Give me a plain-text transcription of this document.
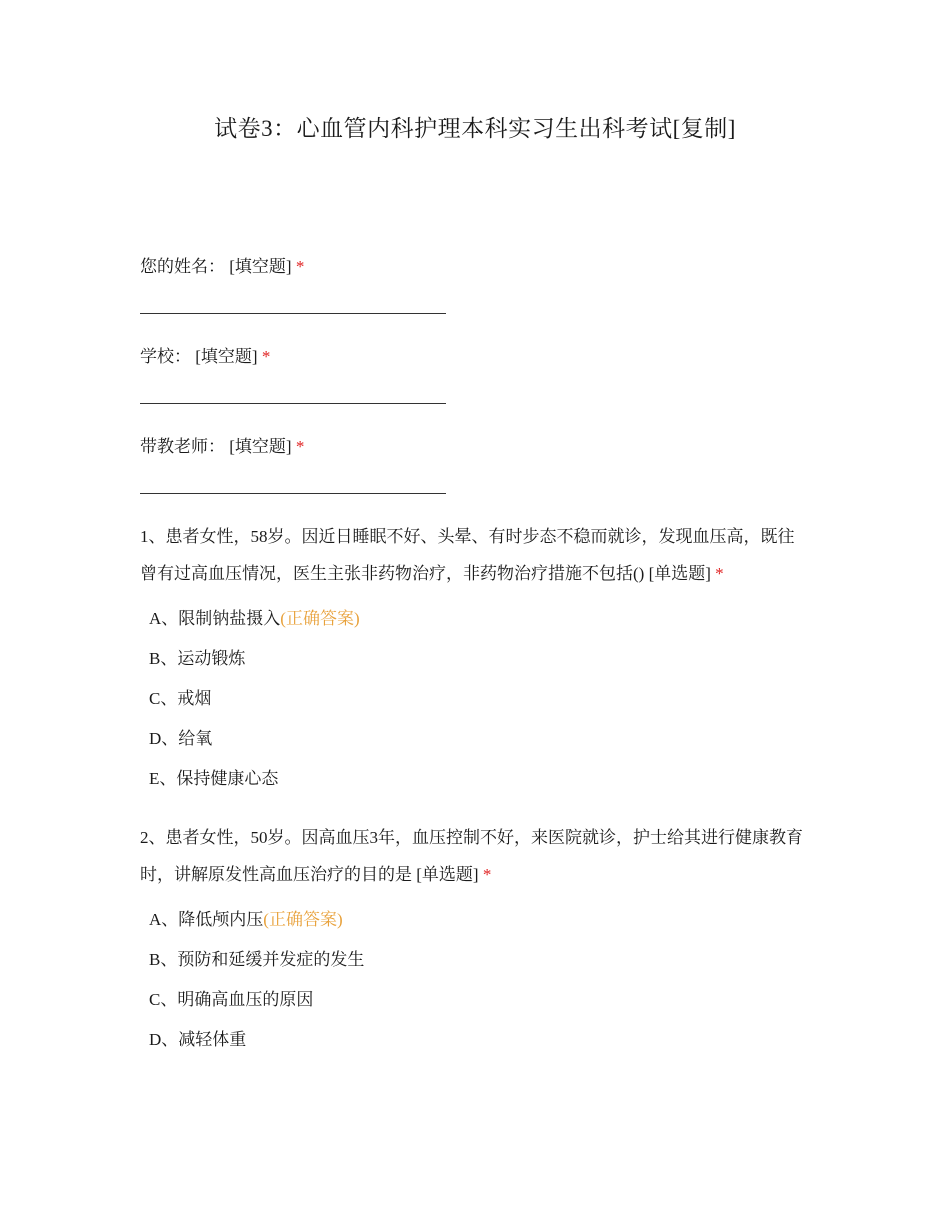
试卷3：心血管内科护理本科实习生出科考试[复制]

您的姓名： [填空题] *

学校： [填空题] *

带教老师： [填空题] *

1、患者女性，58岁。因近日睡眠不好、头晕、有时步态不稳而就诊，发现血压高，既往曾有过高血压情况，医生主张非药物治疗，非药物治疗措施不包括() [单选题] *

A、限制钠盐摄入(正确答案)
B、运动锻炼
C、戒烟
D、给氧
E、保持健康心态

2、患者女性，50岁。因高血压3年，血压控制不好，来医院就诊，护士给其进行健康教育时，讲解原发性高血压治疗的目的是 [单选题] *

A、降低颅内压(正确答案)
B、预防和延缓并发症的发生
C、明确高血压的原因
D、减轻体重
